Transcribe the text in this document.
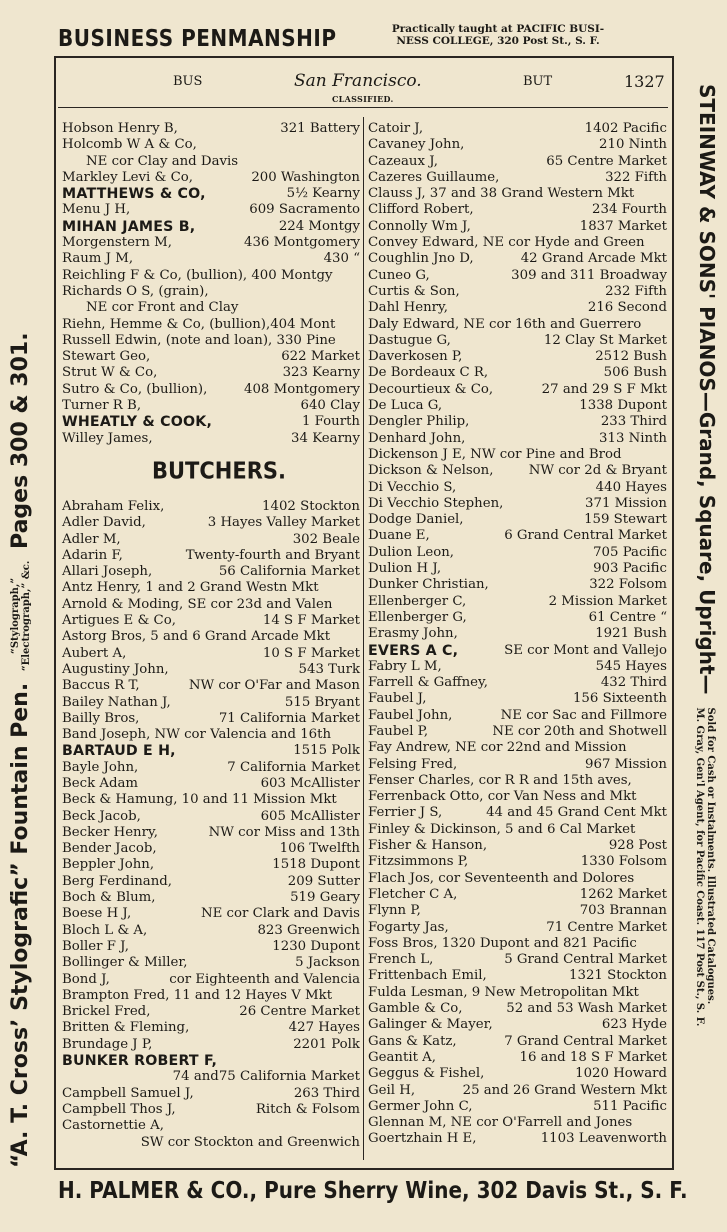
BUSINESS PENMANSHIP	Practically taught at PACIFIC BUSI-
NESS COLLEGE, 320 Post St., S. F.
BUS	San Francisco.	BUT	1327
CLASSIFIED.
Hobson Henry B,	321 Battery
Holcomb W A & Co,
NE cor Clay and Davis
Markley Levi & Co,	200 Washington
MATTHEWS & CO,	5½ Kearny
Menu J H,	609 Sacramento
MIHAN JAMES B,	224 Montgy
Morgenstern M,	436 Montgomery
Raum J M,	430 “
Reichling F & Co, (bullion), 400 Montgy
Richards O S, (grain),
NE cor Front and Clay
Riehn, Hemme & Co, (bullion),404 Mont
Russell Edwin, (note and loan), 330 Pine
Stewart Geo,	622 Market
Strut W & Co,	323 Kearny
Sutro & Co, (bullion),	408 Montgomery
Turner R B,	640 Clay
WHEATLY & COOK,	1 Fourth
Willey James,	34 Kearny
BUTCHERS.
Abraham Felix,	1402 Stockton
Adler David,	3 Hayes Valley Market
Adler M,	302 Beale
Adarin F,	Twenty-fourth and Bryant
Allari Joseph,	56 California Market
Antz Henry, 1 and 2 Grand Westn Mkt
Arnold & Moding, SE cor 23d and Valen
Artigues E & Co,	14 S F Market
Astorg Bros, 5 and 6 Grand Arcade Mkt
Aubert A,	10 S F Market
Augustiny John,	543 Turk
Baccus R T,	NW cor O'Far and Mason
Bailey Nathan J,	515 Bryant
Bailly Bros,	71 California Market
Band Joseph, NW cor Valencia and 16th
BARTAUD E H,	1515 Polk
Bayle John,	7 California Market
Beck Adam	603 McAllister
Beck & Hamung, 10 and 11 Mission Mkt
Beck Jacob,	605 McAllister
Becker Henry,	NW cor Miss and 13th
Bender Jacob,	106 Twelfth
Beppler John,	1518 Dupont
Berg Ferdinand,	209 Sutter
Boch & Blum,	519 Geary
Boese H J,	NE cor Clark and Davis
Bloch L & A,	823 Greenwich
Boller F J,	1230 Dupont
Bollinger & Miller,	5 Jackson
Bond J,	cor Eighteenth and Valencia
Brampton Fred, 11 and 12 Hayes V Mkt
Brickel Fred,	26 Centre Market
Britten & Fleming,	427 Hayes
Brundage J P,	2201 Polk
BUNKER ROBERT F,
74 and75 California Market
Campbell Samuel J,	263 Third
Campbell Thos J,	Ritch & Folsom
Castornettie A,
SW cor Stockton and Greenwich
Catoir J,	1402 Pacific
Cavaney John,	210 Ninth
Cazeaux J,	65 Centre Market
Cazeres Guillaume,	322 Fifth
Clauss J, 37 and 38 Grand Western Mkt
Clifford Robert,	234 Fourth
Connolly Wm J,	1837 Market
Convey Edward, NE cor Hyde and Green
Coughlin Jno D,	42 Grand Arcade Mkt
Cuneo G,	309 and 311 Broadway
Curtis & Son,	232 Fifth
Dahl Henry,	216 Second
Daly Edward, NE cor 16th and Guerrero
Dastugue G,	12 Clay St Market
Daverkosen P,	2512 Bush
De Bordeaux C R,	506 Bush
Decourtieux & Co,	27 and 29 S F Mkt
De Luca G,	1338 Dupont
Dengler Philip,	233 Third
Denhard John,	313 Ninth
Dickenson J E, NW cor Pine and Brod
Dickson & Nelson,	NW cor 2d & Bryant
Di Vecchio S,	440 Hayes
Di Vecchio Stephen,	371 Mission
Dodge Daniel,	159 Stewart
Duane E,	6 Grand Central Market
Dulion Leon,	705 Pacific
Dulion H J,	903 Pacific
Dunker Christian,	322 Folsom
Ellenberger C,	2 Mission Market
Ellenberger G,	61 Centre “
Erasmy John,	1921 Bush
EVERS A C,	SE cor Mont and Vallejo
Fabry L M,	545 Hayes
Farrell & Gaffney,	432 Third
Faubel J,	156 Sixteenth
Faubel John,	NE cor Sac and Fillmore
Faubel P,	NE cor 20th and Shotwell
Fay Andrew, NE cor 22nd and Mission
Felsing Fred,	967 Mission
Fenser Charles, cor R R and 15th aves,
Ferrenback Otto, cor Van Ness and Mkt
Ferrier J S,	44 and 45 Grand Cent Mkt
Finley & Dickinson, 5 and 6 Cal Market
Fisher & Hanson,	928 Post
Fitzsimmons P,	1330 Folsom
Flach Jos, cor Seventeenth and Dolores
Fletcher C A,	1262 Market
Flynn P,	703 Brannan
Fogarty Jas,	71 Centre Market
Foss Bros, 1320 Dupont and 821 Pacific
French L,	5 Grand Central Market
Frittenbach Emil,	1321 Stockton
Fulda Lesman, 9 New Metropolitan Mkt
Gamble & Co,	52 and 53 Wash Market
Galinger & Mayer,	623 Hyde
Gans & Katz,	7 Grand Central Market
Geantit A,	16 and 18 S F Market
Geggus & Fishel,	1020 Howard
Geil H,	25 and 26 Grand Western Mkt
Germer John C,	511 Pacific
Glennan M, NE cor O'Farrell and Jones
Goertzhain H E,	1103 Leavenworth
H. PALMER & CO., Pure Sherry Wine, 302 Davis St., S. F.
“A. T. Cross’ Stylografic” Fountain Pen. “Stylograph,”
“Electrograph,” &c. Pages 300 & 301.	STEINWAY & SONS' PIANOS—Grand, Square, Upright— Sold for Cash or Instalments. Illustrated Catalogues.
M. Gray, Gen'l Agent, for Pacific Coast. 117 Post St., S. F.
